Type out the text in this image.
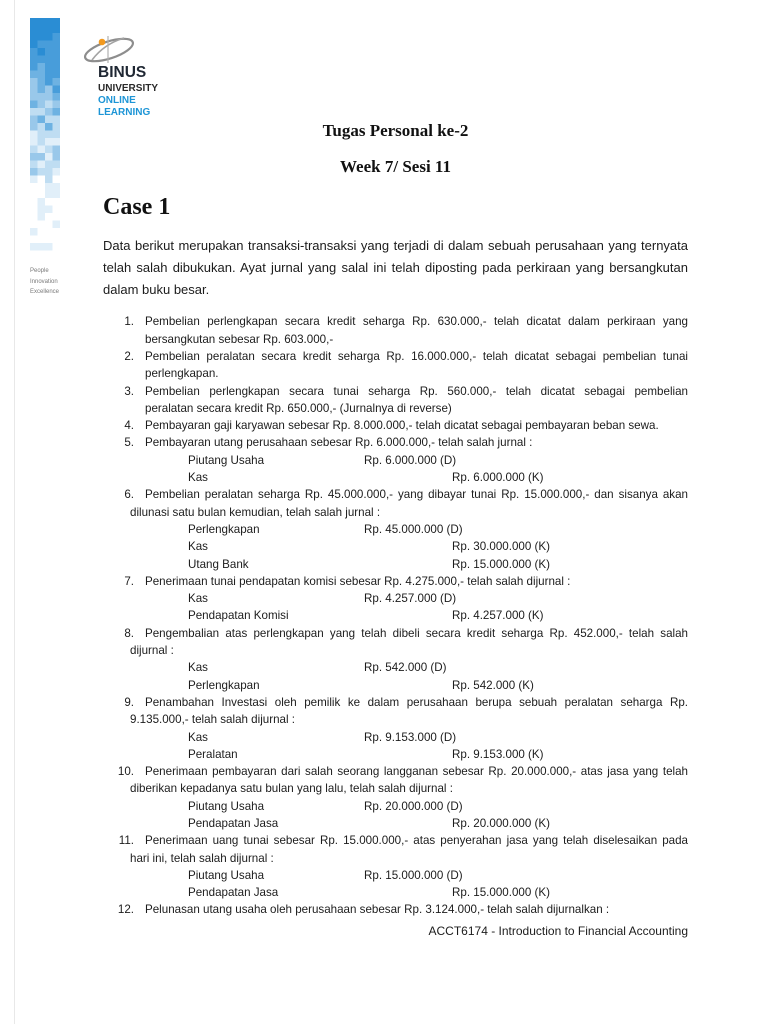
People
Innovation
Excellence
BINUS
UNIVERSITY
ONLINE
LEARNING
Tugas Personal ke-2
Week 7/ Sesi 11
Case 1
Data berikut merupakan transaksi-transaksi yang terjadi di dalam sebuah perusahaan yang ternyata
telah salah dibukukan. Ayat jurnal yang salal ini telah diposting pada perkiraan yang bersangkutan
dalam buku besar.
1. Pembelian perlengkapan secara kredit seharga Rp. 630.000,- telah dicatat dalam perkiraan yang
bersangkutan sebesar Rp. 603.000,-
2. Pembelian peralatan secara kredit seharga Rp. 16.000.000,- telah dicatat sebagai pembelian tunai
perlengkapan.
3. Pembelian perlengkapan secara tunai seharga Rp. 560.000,- telah dicatat sebagai pembelian
peralatan secara kredit Rp. 650.000,- (Jurnalnya di reverse)
4. Pembayaran gaji karyawan sebesar Rp. 8.000.000,- telah dicatat sebagai pembayaran beban sewa.
5. Pembayaran utang perusahaan sebesar Rp. 6.000.000,- telah salah jurnal :
Piutang Usaha	Rp. 6.000.000 (D)
Kas	Rp. 6.000.000 (K)
6. Pembelian peralatan seharga Rp. 45.000.000,- yang dibayar tunai Rp. 15.000.000,- dan sisanya akan
dilunasi satu bulan kemudian, telah salah jurnal :
Perlengkapan	Rp. 45.000.000 (D)
Kas	Rp. 30.000.000 (K)
Utang Bank	Rp. 15.000.000 (K)
7. Penerimaan tunai pendapatan komisi sebesar Rp. 4.275.000,- telah salah dijurnal :
Kas	Rp. 4.257.000 (D)
Pendapatan Komisi	Rp. 4.257.000 (K)
8. Pengembalian atas perlengkapan yang telah dibeli secara kredit seharga Rp. 452.000,- telah salah
dijurnal :
Kas	Rp. 542.000 (D)
Perlengkapan	Rp. 542.000 (K)
9. Penambahan Investasi oleh pemilik ke dalam perusahaan berupa sebuah peralatan seharga Rp.
9.135.000,- telah salah dijurnal :
Kas	Rp. 9.153.000 (D)
Peralatan	Rp. 9.153.000 (K)
10. Penerimaan pembayaran dari salah seorang langganan sebesar Rp. 20.000.000,- atas jasa yang telah
diberikan kepadanya satu bulan yang lalu, telah salah dijurnal :
Piutang Usaha	Rp. 20.000.000 (D)
Pendapatan Jasa	Rp. 20.000.000 (K)
11. Penerimaan uang tunai sebesar Rp. 15.000.000,- atas penyerahan jasa yang telah diselesaikan pada
hari ini, telah salah dijurnal :
Piutang Usaha	Rp. 15.000.000 (D)
Pendapatan Jasa	Rp. 15.000.000 (K)
12. Pelunasan utang usaha oleh perusahaan sebesar Rp. 3.124.000,- telah salah dijurnalkan :
ACCT6174 - Introduction to Financial Accounting
